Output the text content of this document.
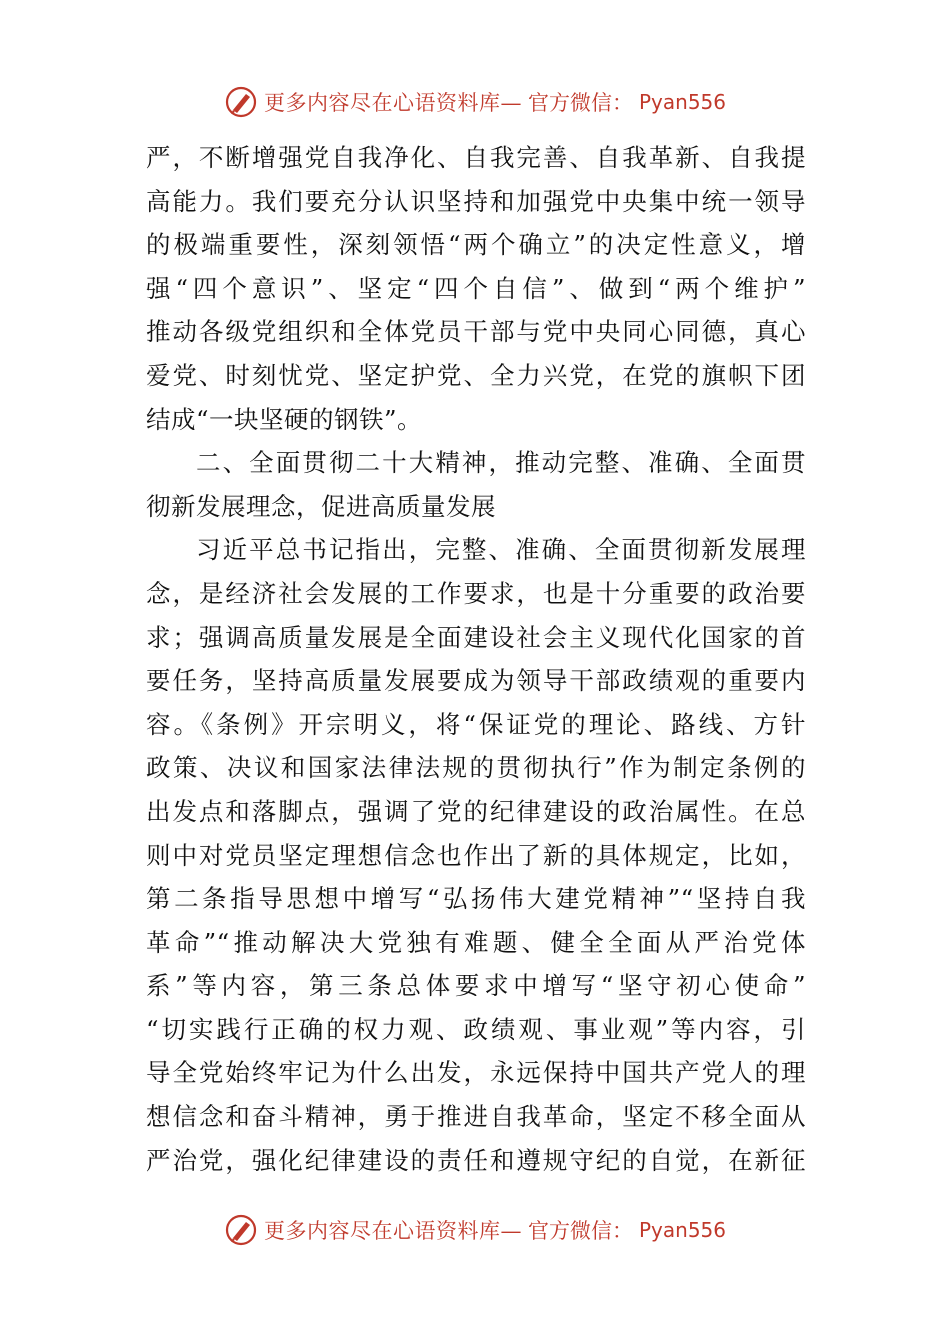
更多内容尽在心语资料库— 官方微信： Pyan556
严，不断增强党自我净化、自我完善、自我革新、自我提
高能力。我们要充分认识坚持和加强党中央集中统一领导
的极端重要性，深刻领悟“两个确立”的决定性意义，增
强“四个意识”、坚定“四个自信”、做到“两个维护”
推动各级党组织和全体党员干部与党中央同心同德，真心
爱党、时刻忧党、坚定护党、全力兴党，在党的旗帜下团
结成“一块坚硬的钢铁”。
二、全面贯彻二十大精神，推动完整、准确、全面贯
彻新发展理念，促进高质量发展
习近平总书记指出，完整、准确、全面贯彻新发展理
念，是经济社会发展的工作要求，也是十分重要的政治要
求；强调高质量发展是全面建设社会主义现代化国家的首
要任务，坚持高质量发展要成为领导干部政绩观的重要内
容。《条例》开宗明义，将“保证党的理论、路线、方针
政策、决议和国家法律法规的贯彻执行”作为制定条例的
出发点和落脚点，强调了党的纪律建设的政治属性。在总
则中对党员坚定理想信念也作出了新的具体规定，比如，
第二条指导思想中增写“弘扬伟大建党精神”“坚持自我
革命”“推动解决大党独有难题、健全全面从严治党体
系”等内容，第三条总体要求中增写“坚守初心使命”
“切实践行正确的权力观、政绩观、事业观”等内容，引
导全党始终牢记为什么出发，永远保持中国共产党人的理
想信念和奋斗精神，勇于推进自我革命，坚定不移全面从
严治党，强化纪律建设的责任和遵规守纪的自觉，在新征
更多内容尽在心语资料库— 官方微信： Pyan556
